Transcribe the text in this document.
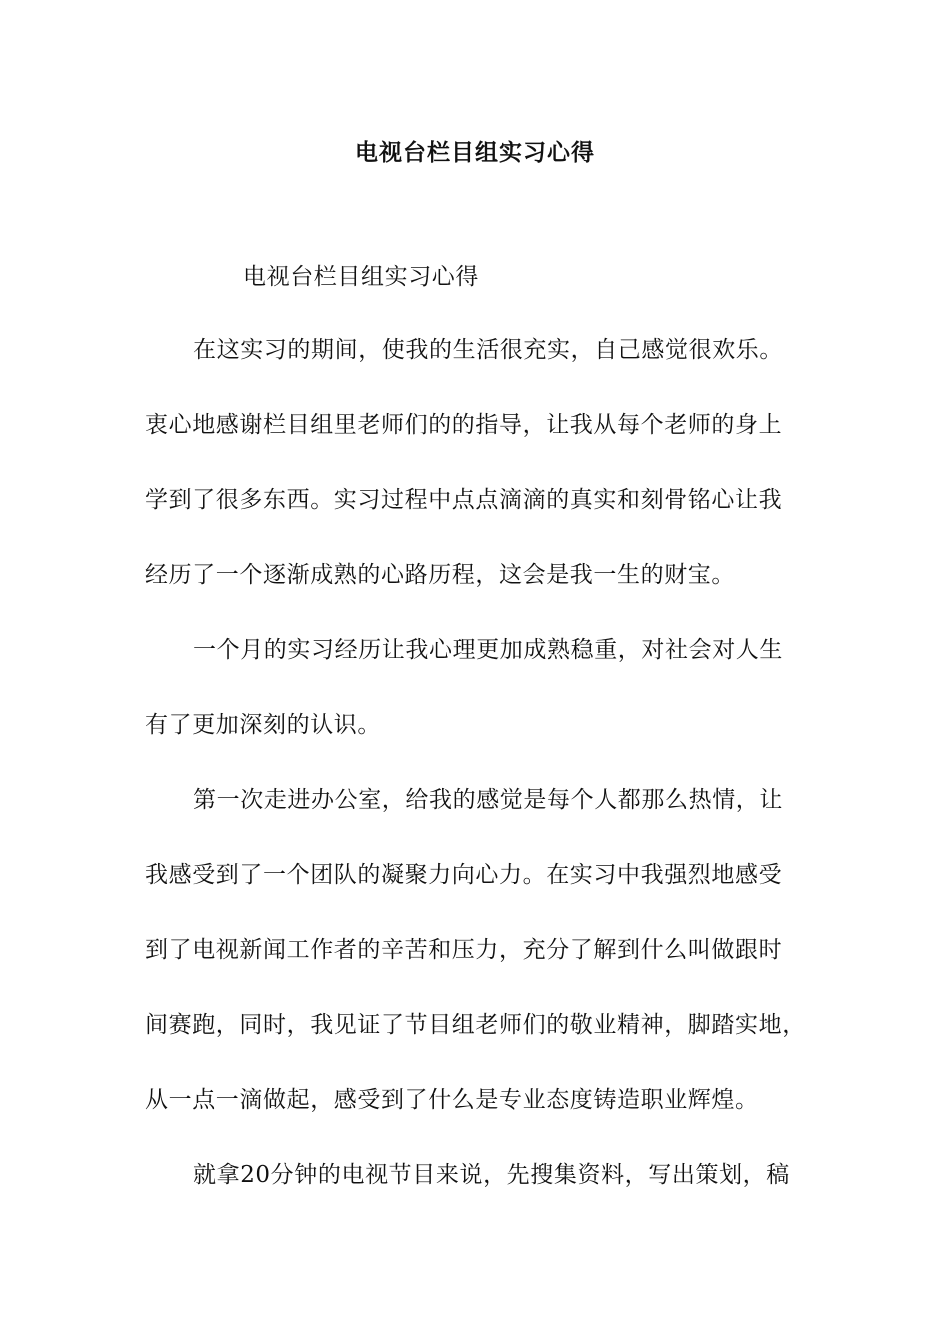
电视台栏目组实习心得
电视台栏目组实习心得
在这实习的期间，使我的生活很充实，自己感觉很欢乐。
衷心地感谢栏目组里老师们的的指导，让我从每个老师的身上
学到了很多东西。实习过程中点点滴滴的真实和刻骨铭心让我
经历了一个逐渐成熟的心路历程，这会是我一生的财宝。
一个月的实习经历让我心理更加成熟稳重，对社会对人生
有了更加深刻的认识。
第一次走进办公室，给我的感觉是每个人都那么热情，让
我感受到了一个团队的凝聚力向心力。在实习中我强烈地感受
到了电视新闻工作者的辛苦和压力，充分了解到什么叫做跟时
间赛跑，同时，我见证了节目组老师们的敬业精神，脚踏实地，
从一点一滴做起，感受到了什么是专业态度铸造职业辉煌。
就拿20分钟的电视节目来说，先搜集资料，写出策划，稿
